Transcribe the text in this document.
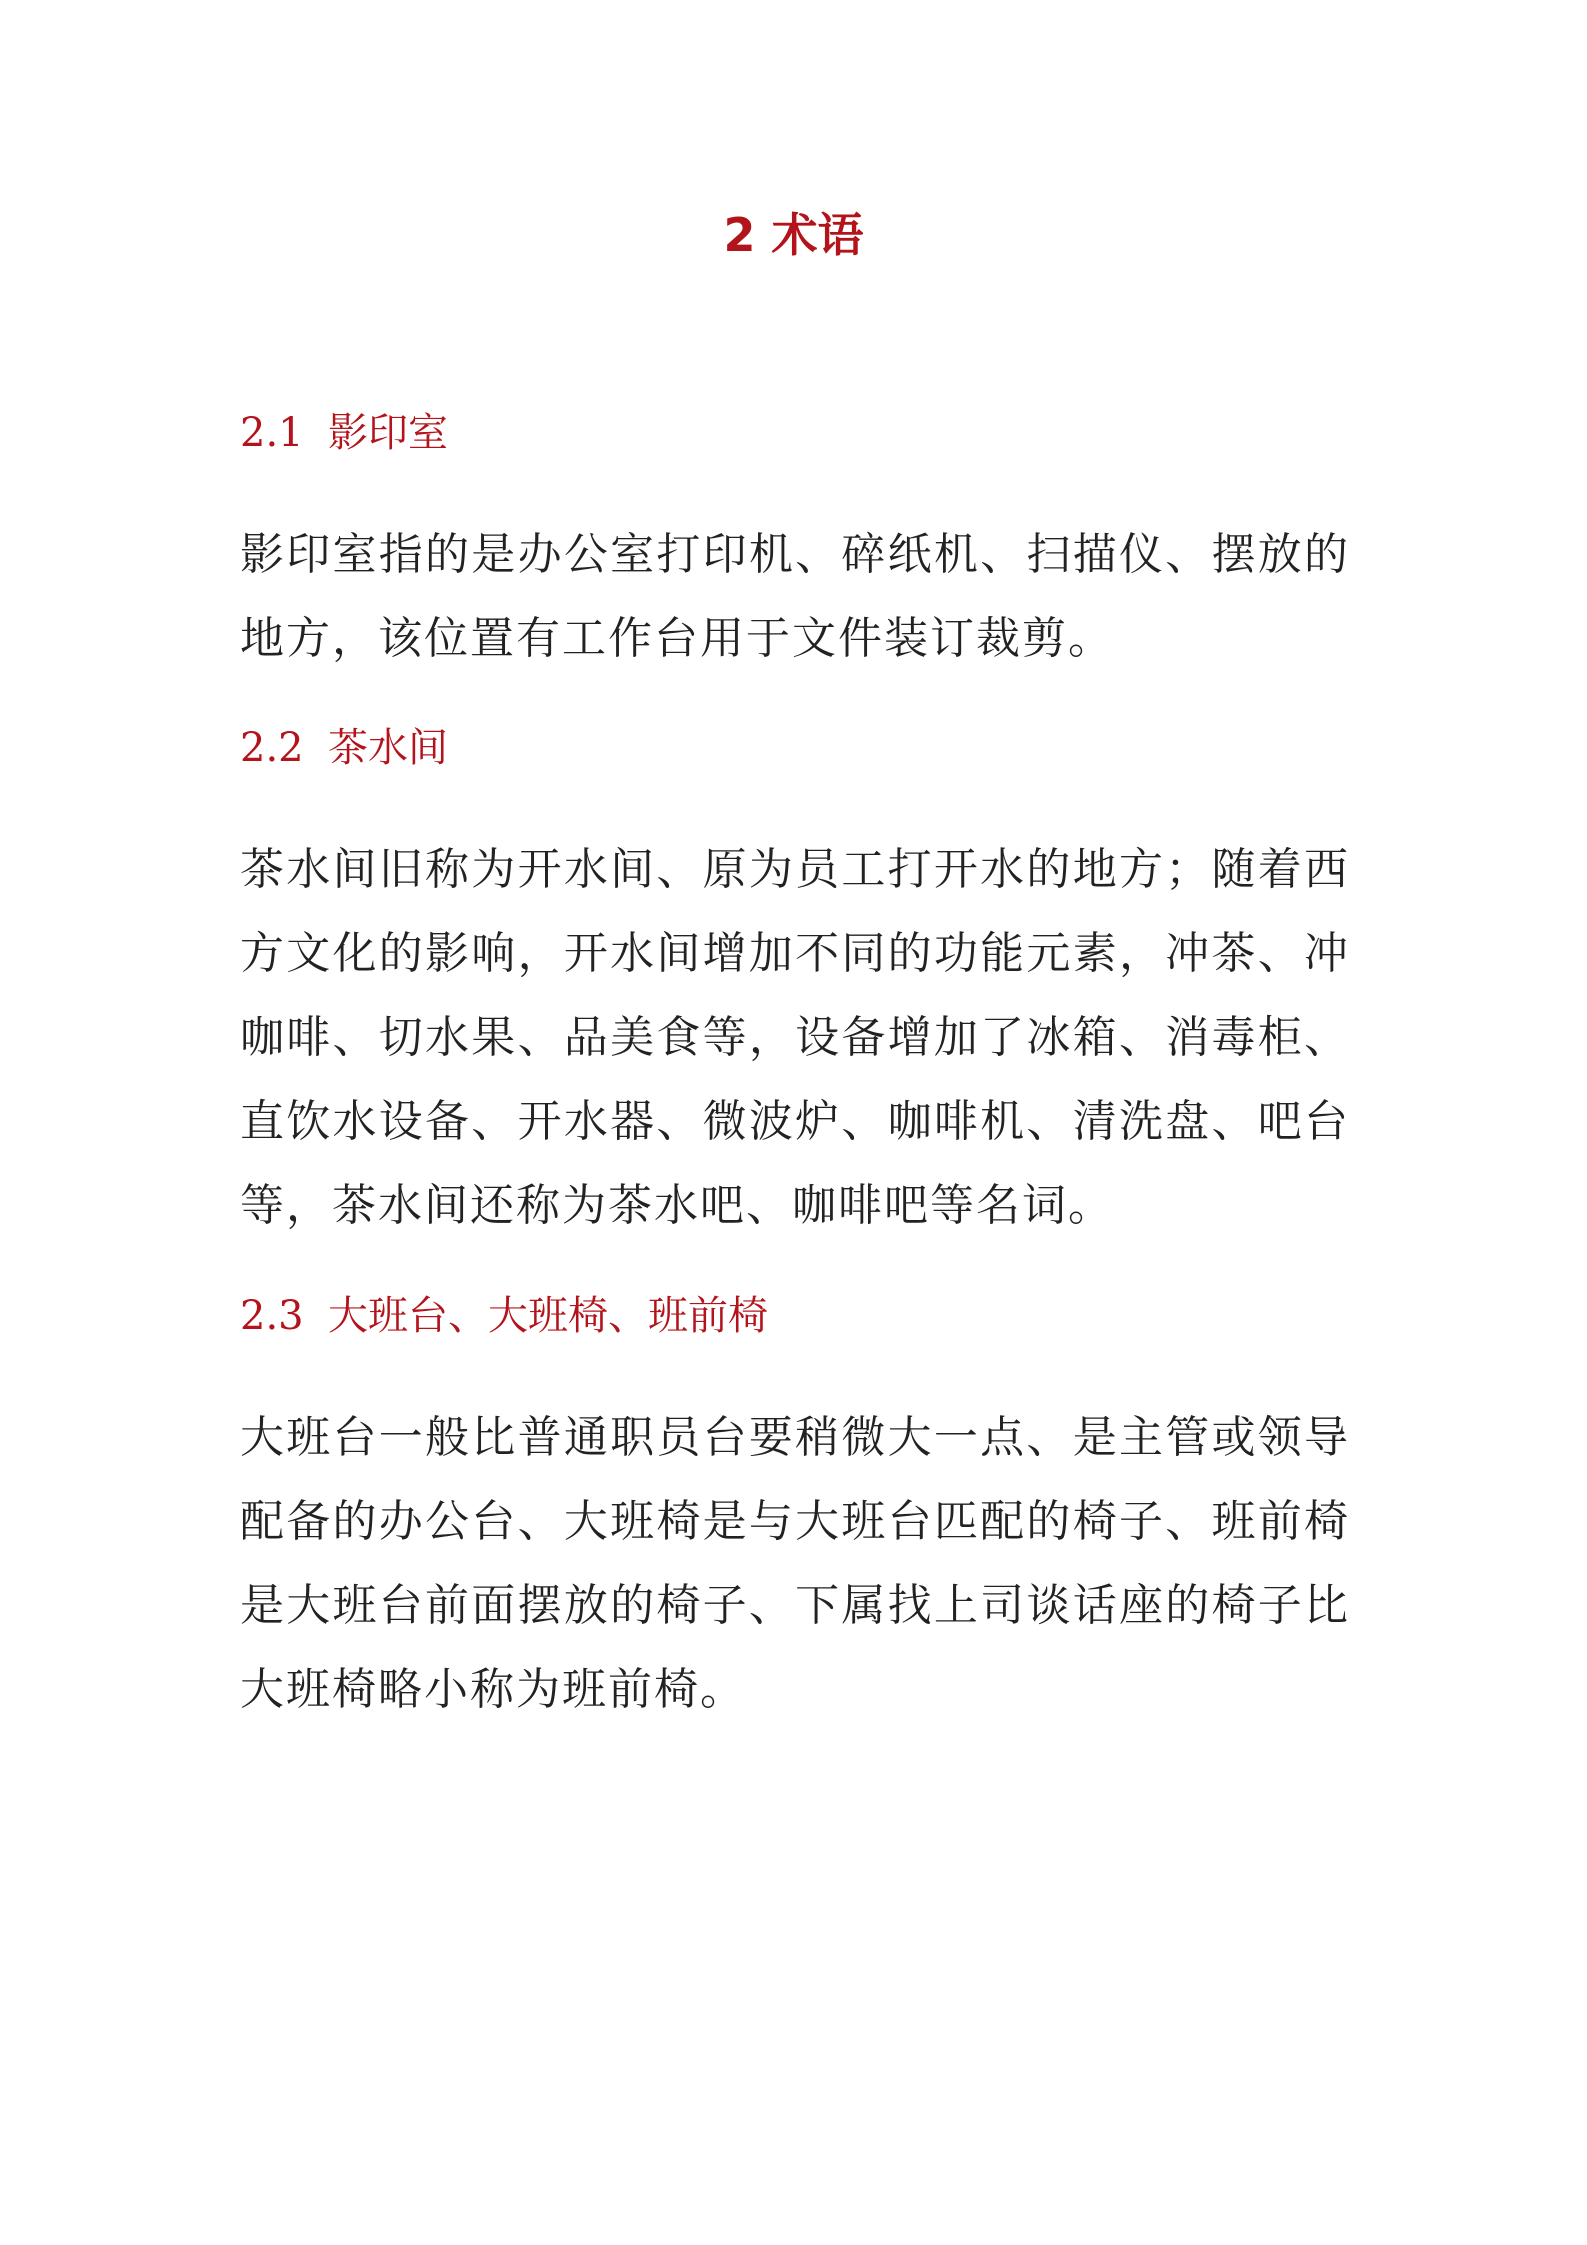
2 术语
2.1 影印室

影印室指的是办公室打印机、碎纸机、扫描仪、摆放的地方，该位置有工作台用于文件装订裁剪。

2.2 茶水间

茶水间旧称为开水间、原为员工打开水的地方；随着西方文化的影响，开水间增加不同的功能元素，冲茶、冲咖啡、切水果、品美食等，设备增加了冰箱、消毒柜、直饮水设备、开水器、微波炉、咖啡机、清洗盘、吧台等，茶水间还称为茶水吧、咖啡吧等名词。

2.3 大班台、大班椅、班前椅

大班台一般比普通职员台要稍微大一点、是主管或领导配备的办公台、大班椅是与大班台匹配的椅子、班前椅是大班台前面摆放的椅子、下属找上司谈话座的椅子比大班椅略小称为班前椅。
